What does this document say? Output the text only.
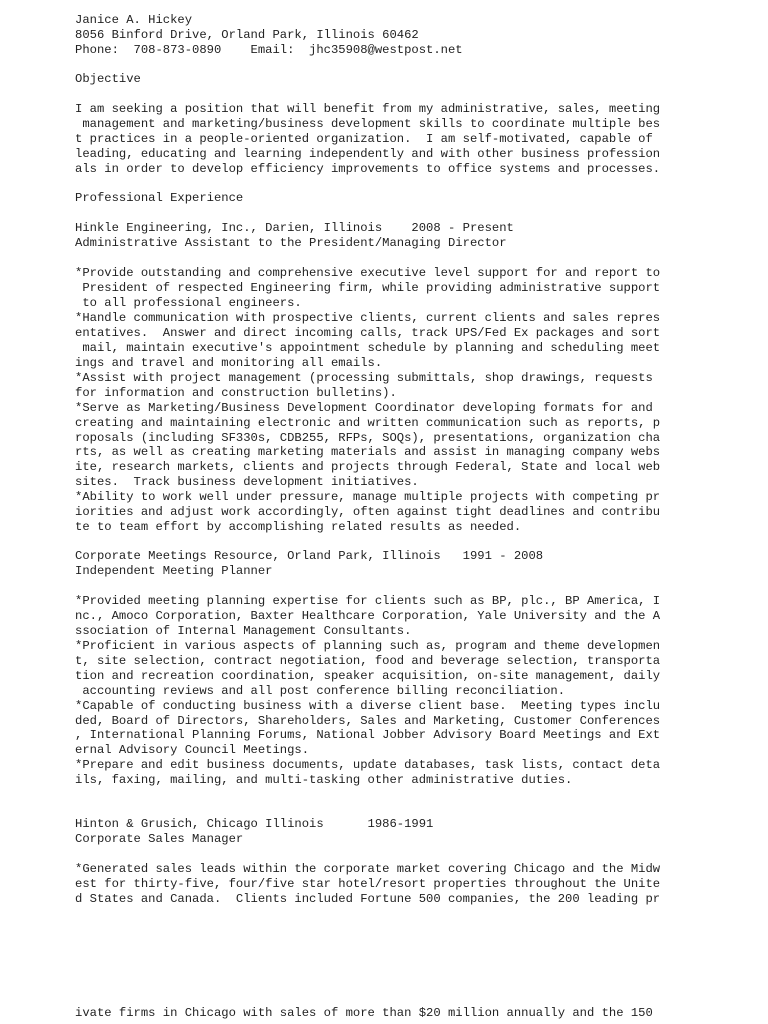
Janice A. Hickey
8056 Binford Drive, Orland Park, Illinois 60462
Phone:  708-873-0890    Email:  jhc35908@westpost.net
Objective
I am seeking a position that will benefit from my administrative, sales, meeting
management and marketing/business development skills to coordinate multiple bes
t practices in a people-oriented organization.  I am self-motivated, capable of
leading, educating and learning independently and with other business profession
als in order to develop efficiency improvements to office systems and processes.
Professional Experience
Hinkle Engineering, Inc., Darien, Illinois    2008 - Present
Administrative Assistant to the President/Managing Director
*Provide outstanding and comprehensive executive level support for and report to
President of respected Engineering firm, while providing administrative support
to all professional engineers.
*Handle communication with prospective clients, current clients and sales repres
entatives.  Answer and direct incoming calls, track UPS/Fed Ex packages and sort
mail, maintain executive's appointment schedule by planning and scheduling meet
ings and travel and monitoring all emails.
*Assist with project management (processing submittals, shop drawings, requests
for information and construction bulletins).
*Serve as Marketing/Business Development Coordinator developing formats for and
creating and maintaining electronic and written communication such as reports, p
roposals (including SF330s, CDB255, RFPs, SOQs), presentations, organization cha
rts, as well as creating marketing materials and assist in managing company webs
ite, research markets, clients and projects through Federal, State and local web
sites.  Track business development initiatives.
*Ability to work well under pressure, manage multiple projects with competing pr
iorities and adjust work accordingly, often against tight deadlines and contribu
te to team effort by accomplishing related results as needed.
Corporate Meetings Resource, Orland Park, Illinois   1991 - 2008
Independent Meeting Planner
*Provided meeting planning expertise for clients such as BP, plc., BP America, I
nc., Amoco Corporation, Baxter Healthcare Corporation, Yale University and the A
ssociation of Internal Management Consultants.
*Proficient in various aspects of planning such as, program and theme developmen
t, site selection, contract negotiation, food and beverage selection, transporta
tion and recreation coordination, speaker acquisition, on-site management, daily
accounting reviews and all post conference billing reconciliation.
*Capable of conducting business with a diverse client base.  Meeting types inclu
ded, Board of Directors, Shareholders, Sales and Marketing, Customer Conferences
, International Planning Forums, National Jobber Advisory Board Meetings and Ext
ernal Advisory Council Meetings.
*Prepare and edit business documents, update databases, task lists, contact deta
ils, faxing, mailing, and multi-tasking other administrative duties.
Hinton & Grusich, Chicago Illinois      1986-1991
Corporate Sales Manager
*Generated sales leads within the corporate market covering Chicago and the Midw
est for thirty-five, four/five star hotel/resort properties throughout the Unite
d States and Canada.  Clients included Fortune 500 companies, the 200 leading pr
ivate firms in Chicago with sales of more than $20 million annually and the 150
